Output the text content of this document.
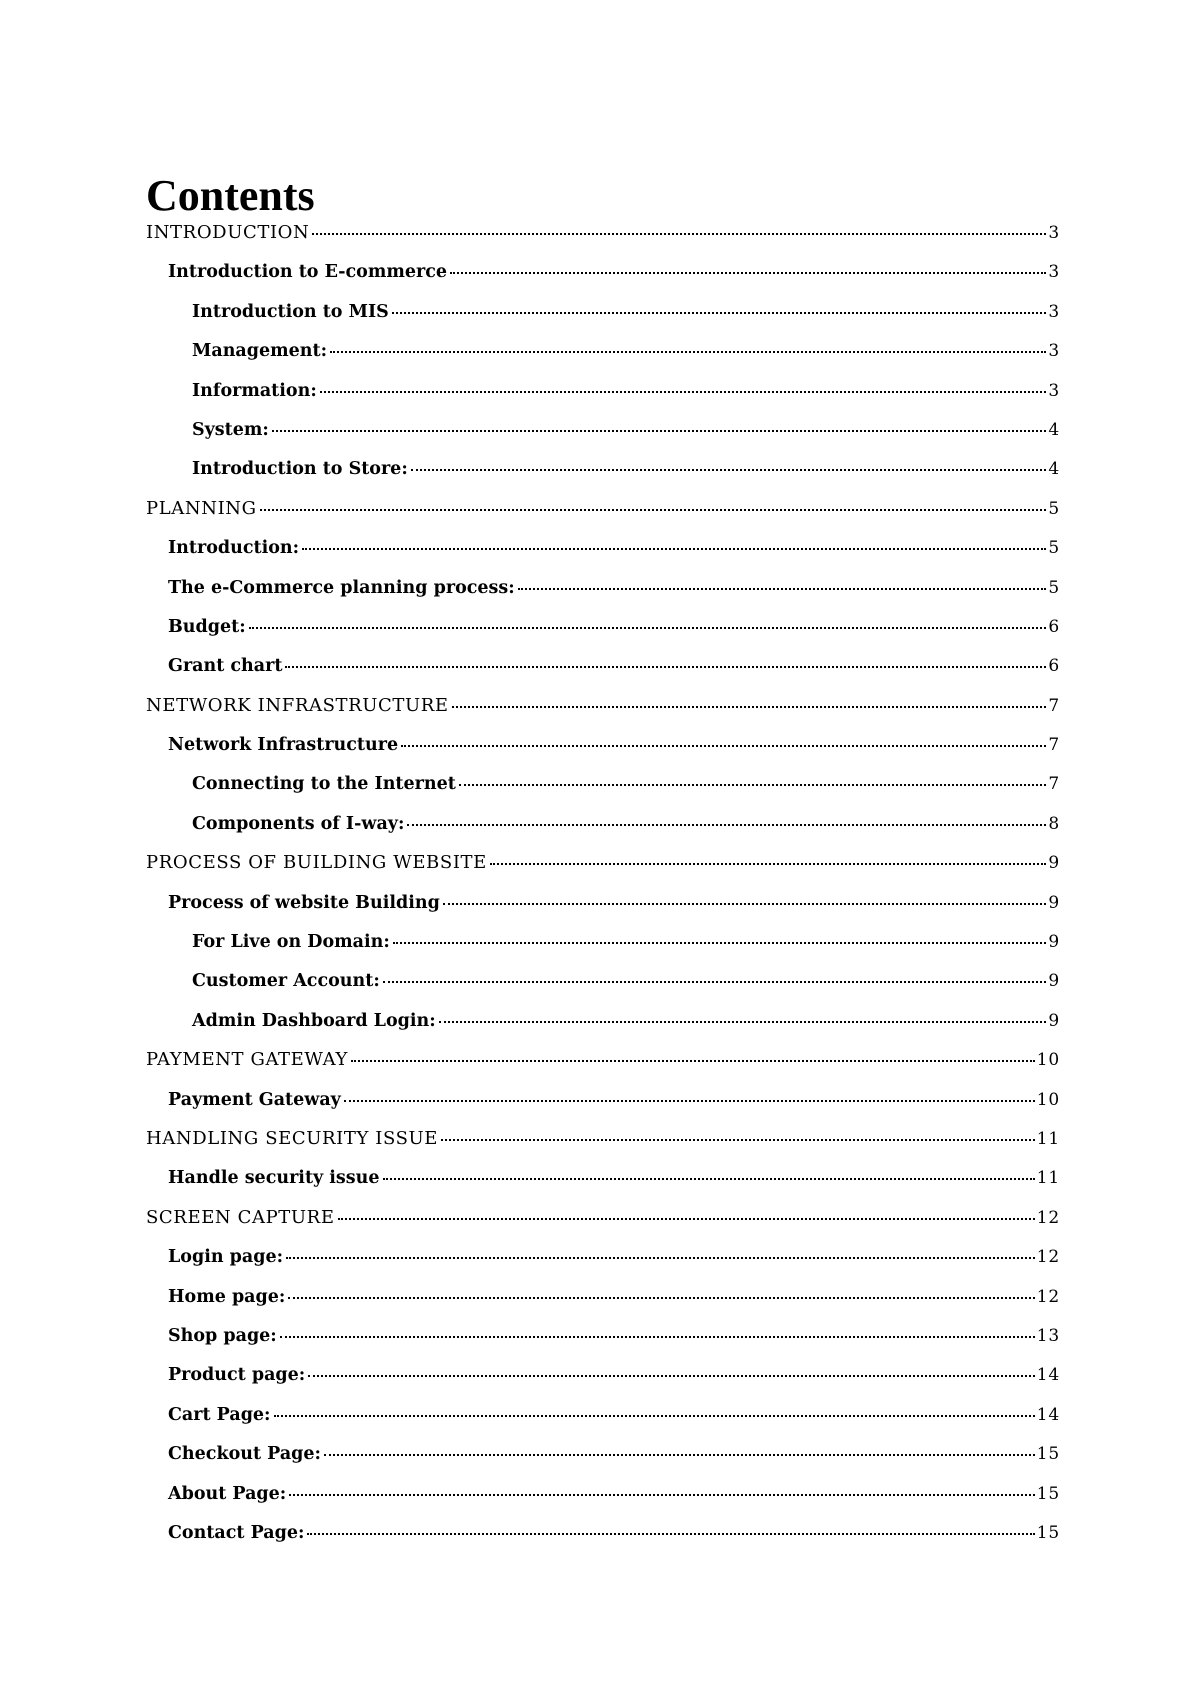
Contents
INTRODUCTION	3
Introduction to E-commerce	3
Introduction to MIS	3
Management:	3
Information:	3
System:	4
Introduction to Store:	4
PLANNING	5
Introduction:	5
The e-Commerce planning process:	5
Budget:	6
Grant chart	6
NETWORK INFRASTRUCTURE	7
Network Infrastructure	7
Connecting to the Internet	7
Components of I-way:	8
PROCESS OF BUILDING WEBSITE	9
Process of website Building	9
For Live on Domain:	9
Customer Account:	9
Admin Dashboard Login:	9
PAYMENT GATEWAY	10
Payment Gateway	10
HANDLING SECURITY ISSUE	11
Handle security issue	11
SCREEN CAPTURE	12
Login page:	12
Home page:	12
Shop page:	13
Product page:	14
Cart Page:	14
Checkout Page:	15
About Page:	15
Contact Page:	15
